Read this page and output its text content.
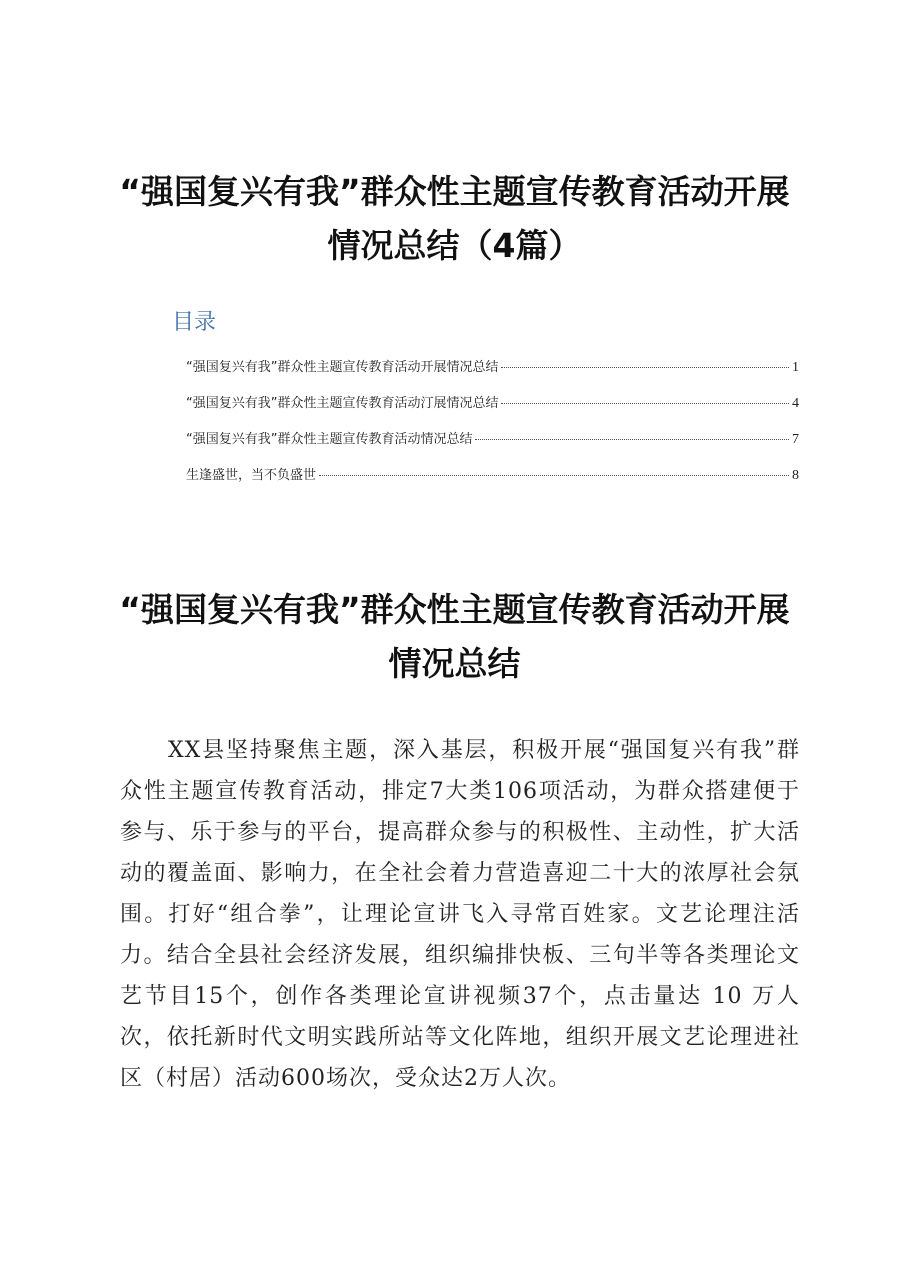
“强国复兴有我”群众性主题宣传教育活动开展
情况总结（4篇）
目录
“强国复兴有我”群众性主题宣传教育活动开展情况总结	1
“强国复兴有我”群众性主题宣传教育活动汀展情况总结	4
“强国复兴有我”群众性主题宣传教育活动情况总结	7
生逢盛世，当不负盛世	8
“强国复兴有我”群众性主题宣传教育活动开展
情况总结

XX县坚持聚焦主题，深入基层，积极开展“强国复兴有我”群众性主题宣传教育活动，排定7大类106项活动，为群众搭建便于参与、乐于参与的平台，提高群众参与的积极性、主动性，扩大活动的覆盖面、影响力，在全社会着力营造喜迎二十大的浓厚社会氛围。打好“组合拳”，让理论宣讲飞入寻常百姓家。文艺论理注活力。结合全县社会经济发展，组织编排快板、三句半等各类理论文艺节目15个，创作各类理论宣讲视频37个，点击量达 10 万人次，依托新时代文明实践所站等文化阵地，组织开展文艺论理进社区（村居）活动600场次，受众达2万人次。
